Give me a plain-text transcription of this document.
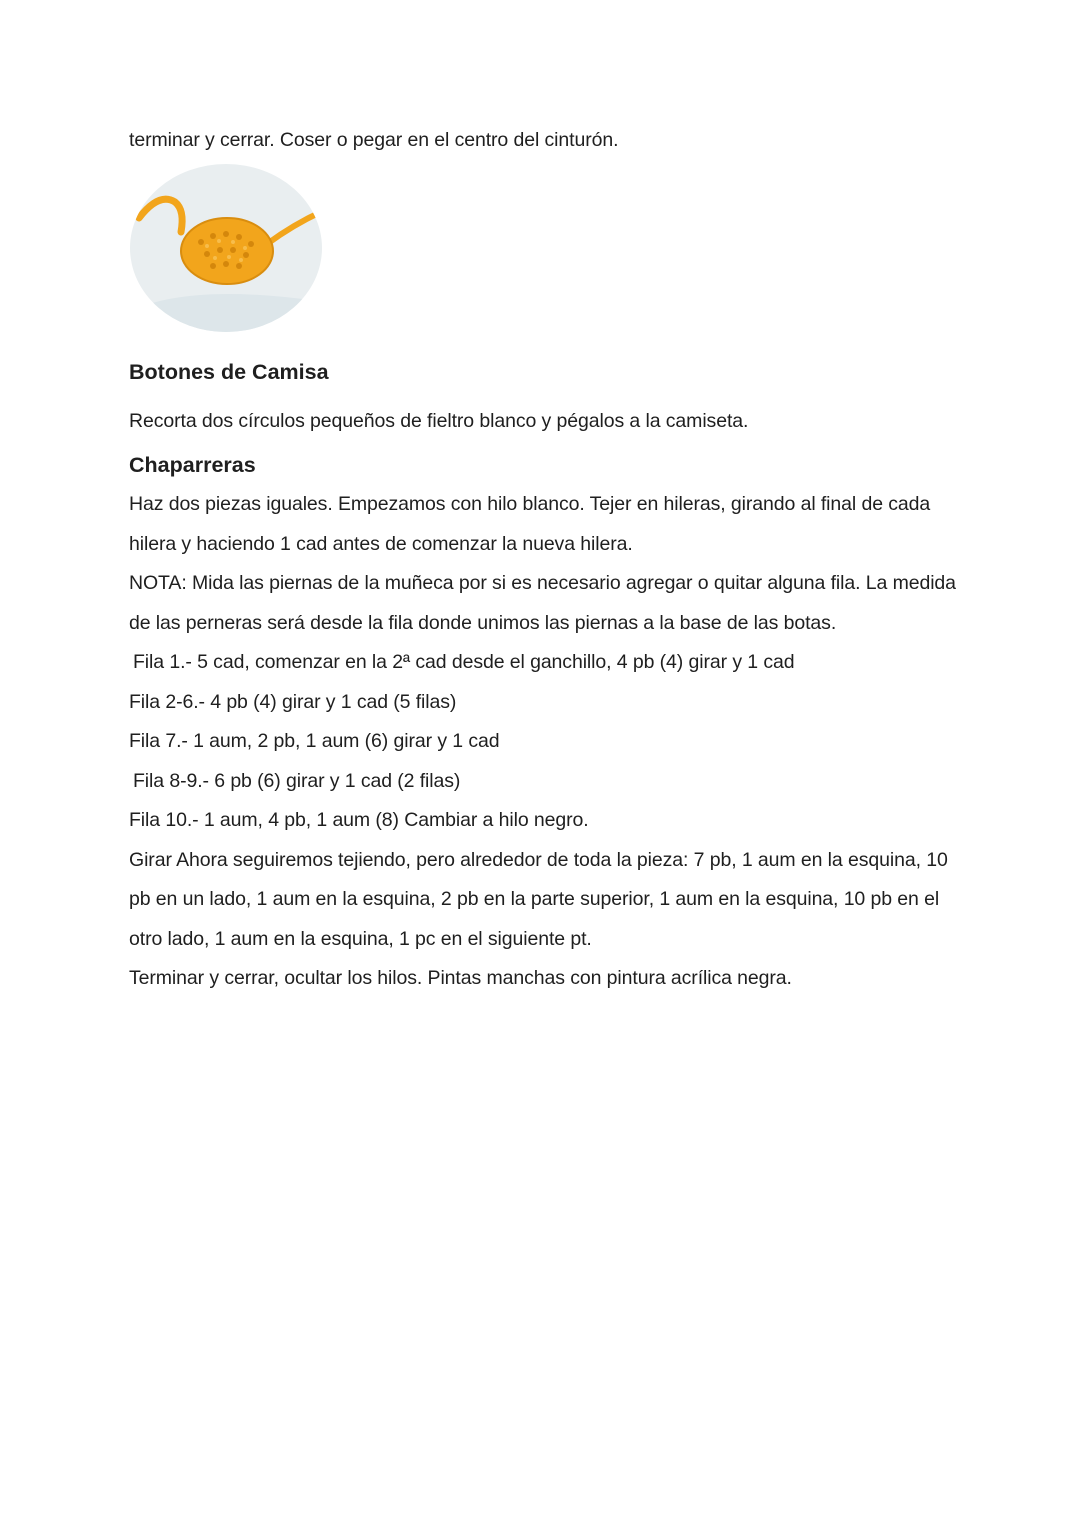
terminar y cerrar. Coser o pegar en el centro del cinturón.
Botones de Camisa
Recorta dos círculos pequeños de fieltro blanco y pégalos a la camiseta.
Chaparreras
Haz dos piezas iguales. Empezamos con hilo blanco. Tejer en hileras, girando al final de cada
hilera y haciendo 1 cad antes de comenzar la nueva hilera.
NOTA: Mida las piernas de la muñeca por si es necesario agregar o quitar alguna fila. La medida
de las perneras será desde la fila donde unimos las piernas a la base de las botas.
Fila 1.- 5 cad, comenzar en la 2ª cad desde el ganchillo, 4 pb (4) girar y 1 cad
Fila 2-6.- 4 pb (4) girar y 1 cad (5 filas)
Fila 7.- 1 aum, 2 pb, 1 aum (6) girar y 1 cad
Fila 8-9.- 6 pb (6) girar y 1 cad (2 filas)
Fila 10.- 1 aum, 4 pb, 1 aum (8) Cambiar a hilo negro.
Girar Ahora seguiremos tejiendo, pero alrededor de toda la pieza: 7 pb, 1 aum en la esquina, 10
pb en un lado, 1 aum en la esquina, 2 pb en la parte superior, 1 aum en la esquina, 10 pb en el
otro lado, 1 aum en la esquina, 1 pc en el siguiente pt.
Terminar y cerrar, ocultar los hilos. Pintas manchas con pintura acrílica negra.
